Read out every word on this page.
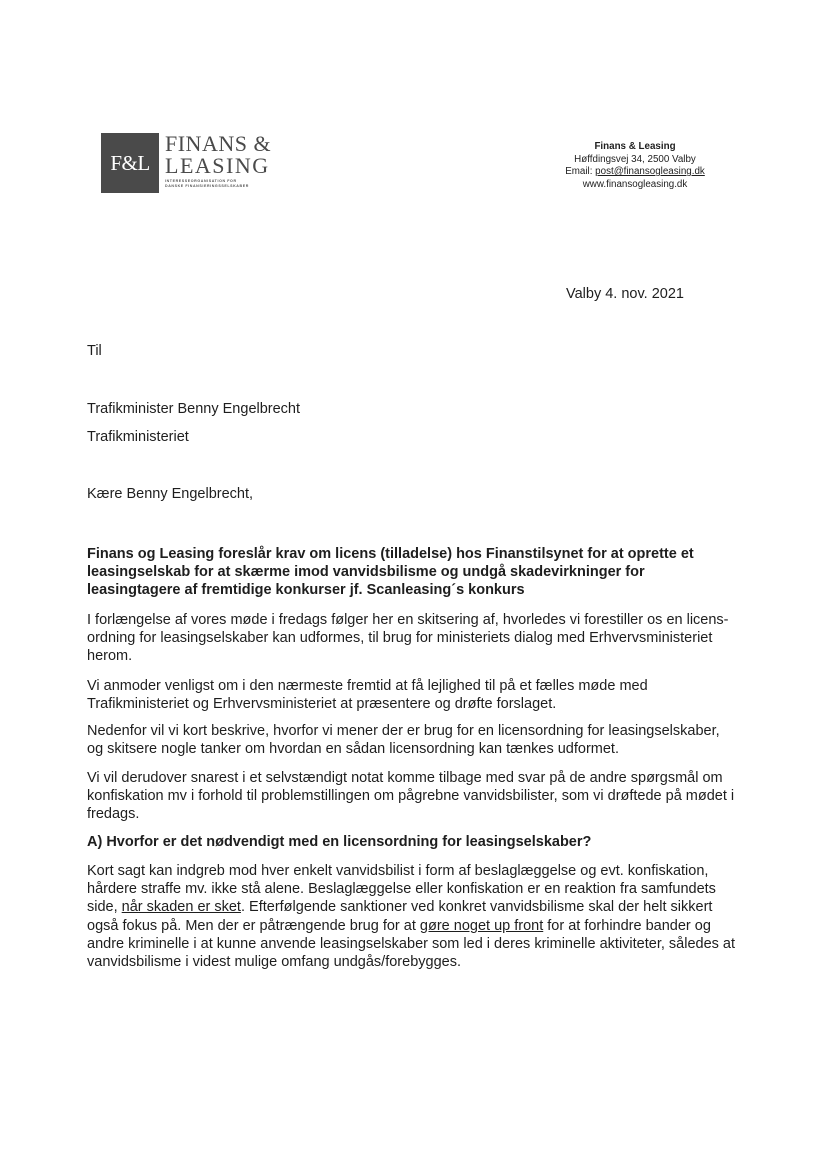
F&L
FINANS &
LEASING
INTERESSEORGANISATION FOR
DANSKE FINANSIERINGSSELSKABER
Finans & Leasing
Høffdingsvej 34, 2500 Valby
Email: post@finansogleasing.dk
www.finansogleasing.dk
Valby 4. nov. 2021
Til
Trafikminister Benny Engelbrecht
Trafikministeriet
Kære Benny Engelbrecht,
Finans og Leasing foreslår krav om licens (tilladelse) hos Finanstilsynet for at oprette et leasingselskab for at skærme imod vanvidsbilisme og undgå skadevirkninger for leasingtagere af fremtidige konkurser jf. Scanleasing´s konkurs
I forlængelse af vores møde i fredags følger her en skitsering af, hvorledes vi forestiller os en licens-ordning for leasingselskaber kan udformes, til brug for ministeriets dialog med Erhvervsministeriet herom.
Vi anmoder venligst om i den nærmeste fremtid at få lejlighed til på et fælles møde med Trafikministeriet og Erhvervsministeriet at præsentere og drøfte forslaget.
Nedenfor vil vi kort beskrive, hvorfor vi mener der er brug for en licensordning for leasingselskaber, og skitsere nogle tanker om hvordan en sådan licensordning kan tænkes udformet.
Vi vil derudover snarest i et selvstændigt notat komme tilbage med svar på de andre spørgsmål om konfiskation mv i forhold til problemstillingen om pågrebne vanvidsbilister, som vi drøftede på mødet i fredags.
A) Hvorfor er det nødvendigt med en licensordning for leasingselskaber?
Kort sagt kan indgreb mod hver enkelt vanvidsbilist i form af beslaglæggelse og evt. konfiskation, hårdere straffe mv. ikke stå alene. Beslaglæggelse eller konfiskation er en reaktion fra samfundets side, når skaden er sket. Efterfølgende sanktioner ved konkret vanvidsbilisme skal der helt sikkert også fokus på. Men der er påtrængende brug for at gøre noget up front for at forhindre bander og andre kriminelle i at kunne anvende leasingselskaber som led i deres kriminelle aktiviteter, således at vanvidsbilisme i videst mulige omfang undgås/forebygges.
